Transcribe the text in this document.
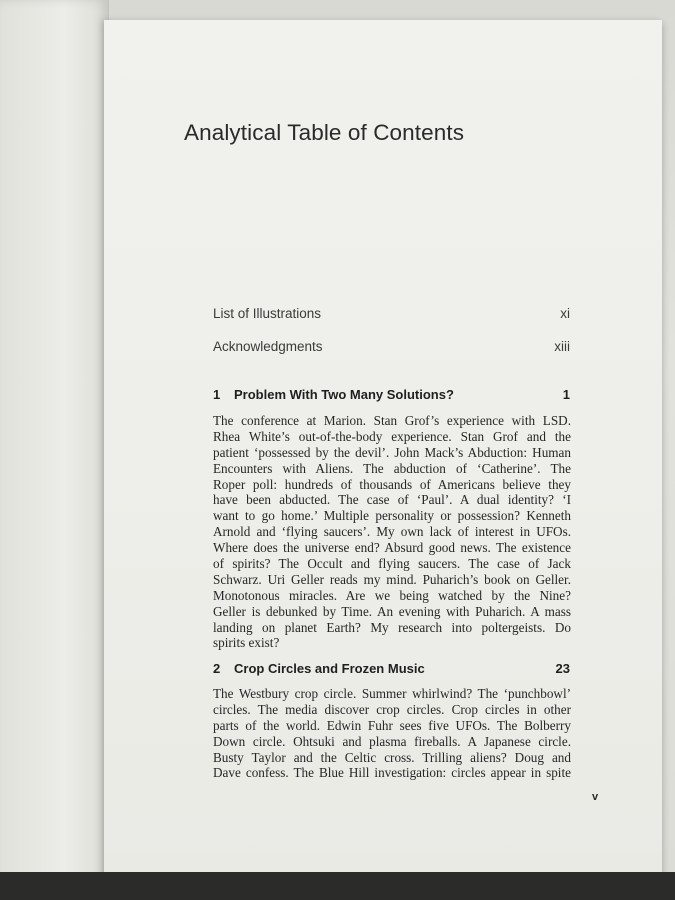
Analytical Table of Contents
List of Illustrations	xi
Acknowledgments	xiii
1 Problem With Two Many Solutions?	1
The conference at Marion. Stan Grof’s experience with LSD.
Rhea White’s out-of-the-body experience. Stan Grof and the
patient ‘possessed by the devil’. John Mack’s Abduction: Human
Encounters with Aliens. The abduction of ‘Catherine’. The
Roper poll: hundreds of thousands of Americans believe they
have been abducted. The case of ‘Paul’. A dual identity? ‘I
want to go home.’ Multiple personality or possession? Kenneth
Arnold and ‘flying saucers’. My own lack of interest in UFOs.
Where does the universe end? Absurd good news. The existence
of spirits? The Occult and flying saucers. The case of Jack
Schwarz. Uri Geller reads my mind. Puharich’s book on Geller.
Monotonous miracles. Are we being watched by the Nine?
Geller is debunked by Time. An evening with Puharich. A mass
landing on planet Earth? My research into poltergeists. Do
spirits exist?
2 Crop Circles and Frozen Music	23
The Westbury crop circle. Summer whirlwind? The ‘punchbowl’
circles. The media discover crop circles. Crop circles in other
parts of the world. Edwin Fuhr sees five UFOs. The Bolberry
Down circle. Ohtsuki and plasma fireballs. A Japanese circle.
Busty Taylor and the Celtic cross. Trilling aliens? Doug and
Dave confess. The Blue Hill investigation: circles appear in spite
v
